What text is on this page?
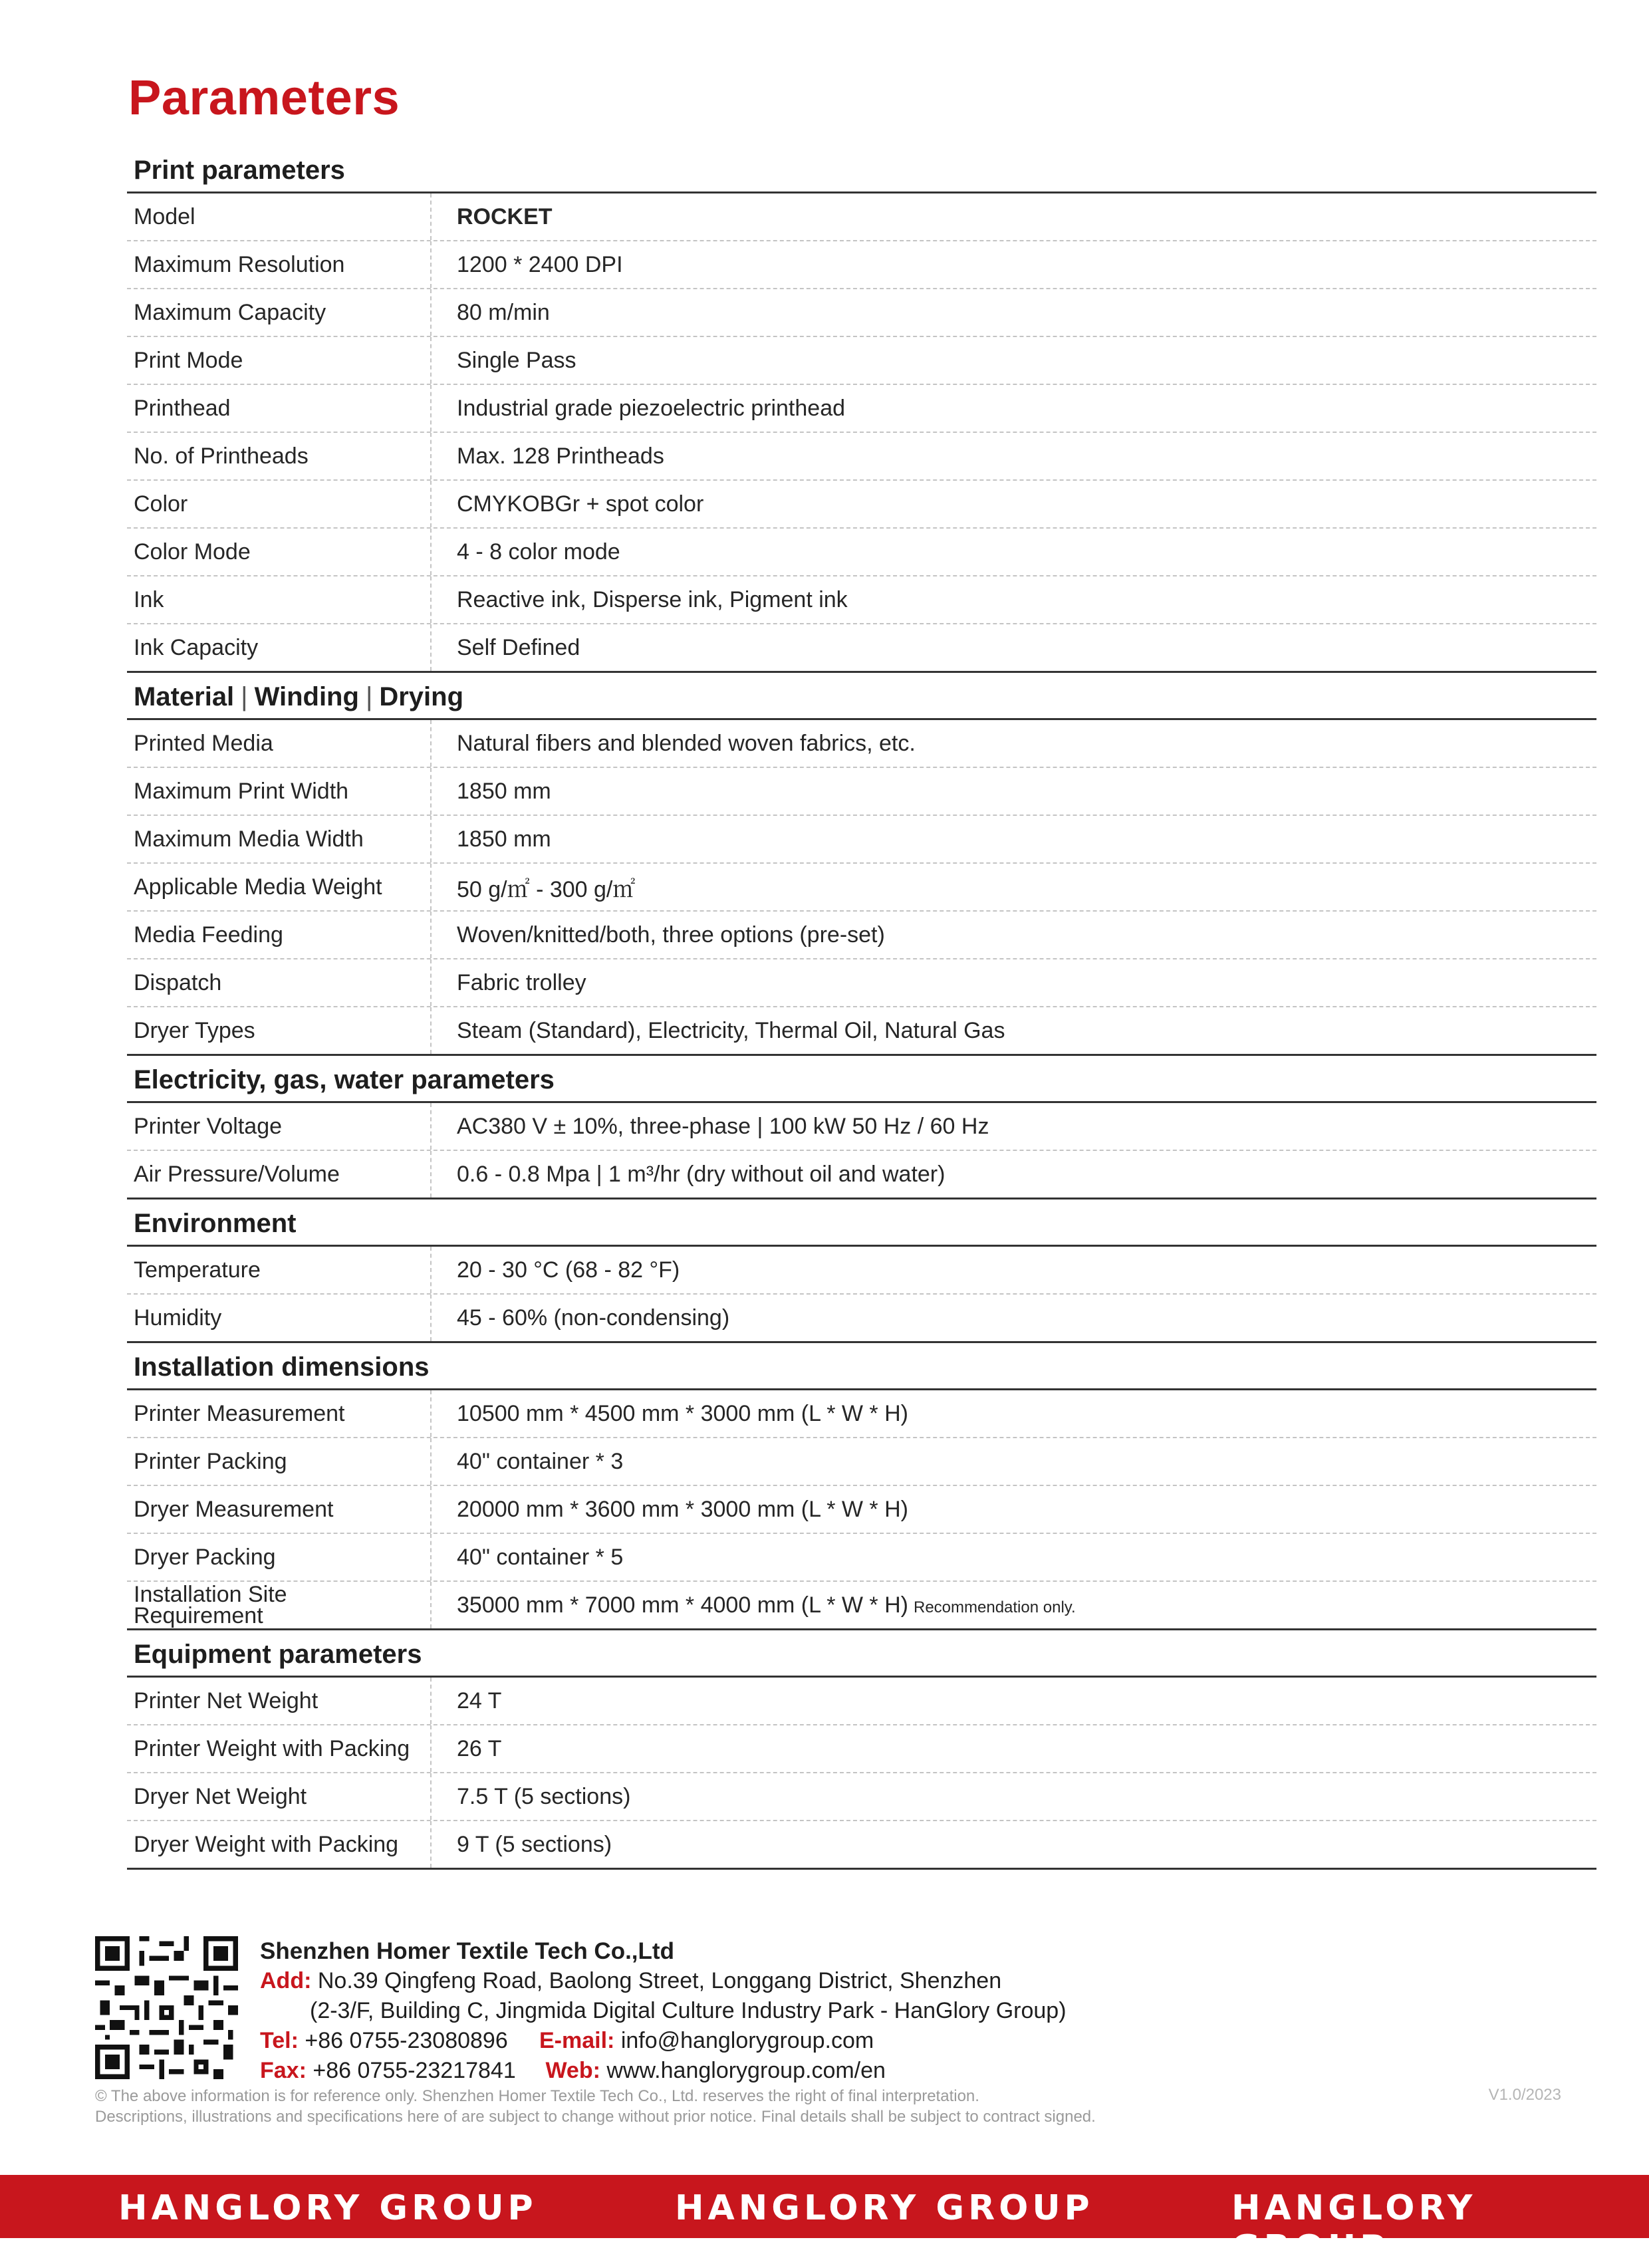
Parameters
Print parameters
Model	ROCKET
Maximum Resolution	1200 * 2400 DPI
Maximum Capacity	80 m/min
Print Mode	Single Pass
Printhead	Industrial grade piezoelectric printhead
No. of Printheads	Max. 128 Printheads
Color	CMYKOBGr + spot color
Color Mode	4 - 8 color mode
Ink	Reactive ink, Disperse ink, Pigment ink
Ink Capacity	Self Defined
Material | Winding | Drying
Printed Media	Natural fibers and blended woven fabrics, etc.
Maximum Print Width	1850 mm
Maximum Media Width	1850 mm
Applicable Media Weight	50 g/㎡ - 300 g/㎡
Media Feeding	Woven/knitted/both, three options (pre-set)
Dispatch	Fabric trolley
Dryer Types	Steam (Standard), Electricity, Thermal Oil, Natural Gas
Electricity, gas, water parameters
Printer Voltage	AC380 V ± 10%, three-phase | 100 kW 50 Hz / 60 Hz
Air Pressure/Volume	0.6 - 0.8 Mpa | 1 m³/hr (dry without oil and water)
Environment
Temperature	20 - 30 °C (68 - 82 °F)
Humidity	45 - 60% (non-condensing)
Installation dimensions
Printer Measurement	10500 mm * 4500 mm * 3000 mm (L * W * H)
Printer Packing	40" container * 3
Dryer Measurement	20000 mm * 3600 mm * 3000 mm (L * W * H)
Dryer Packing	40" container * 5
Installation Site
Requirement	35000 mm * 7000 mm * 4000 mm (L * W * H) Recommendation only.
Equipment parameters
Printer Net Weight	24 T
Printer Weight with Packing	26 T
Dryer Net Weight	7.5 T (5 sections)
Dryer Weight with Packing	9 T (5 sections)
Shenzhen Homer Textile Tech Co.,Ltd
Add: No.39 Qingfeng Road, Baolong Street, Longgang District, Shenzhen
(2-3/F, Building C, Jingmida Digital Culture Industry Park - HanGlory Group)
Tel: +86 0755-23080896	E-mail: info@hanglorygroup.com
Fax: +86 0755-23217841	Web: www.hanglorygroup.com/en
© The above information is for reference only. Shenzhen Homer Textile Tech Co., Ltd. reserves the right of final interpretation.
Descriptions, illustrations and specifications here of are subject to change without prior notice. Final details shall be subject to contract signed.
V1.0/2023
HANGLORY GROUP	HANGLORY GROUP	HANGLORY GROUP
